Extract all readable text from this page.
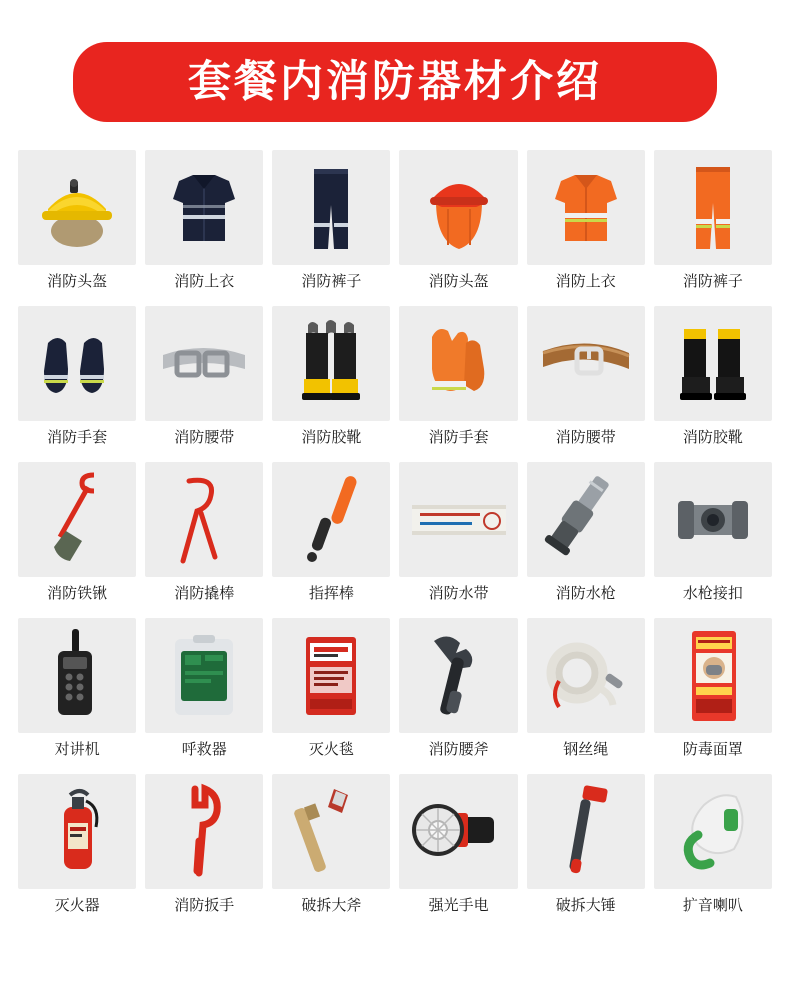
套餐内消防器材介绍
消防头盔	消防上衣	消防裤子	消防头盔	消防上衣	消防裤子
消防手套	消防腰带	消防胶靴	消防手套	消防腰带	消防胶靴
消防铁锹	消防撬棒	指挥棒	消防水带	消防水枪	水枪接扣
对讲机	呼救器	灭火毯	消防腰斧	钢丝绳	防毒面罩
灭火器	消防扳手	破拆大斧	强光手电	破拆大锤	扩音喇叭
